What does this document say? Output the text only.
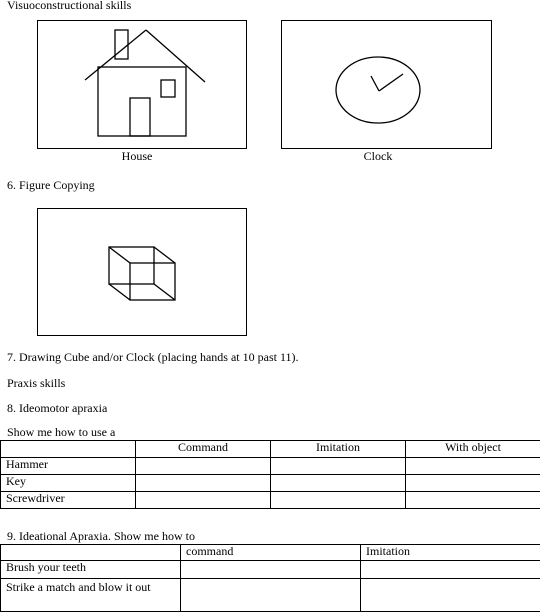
Visuoconstructional skills
House	Clock
6. Figure Copying
7. Drawing Cube and/or Clock (placing hands at 10 past 11).
Praxis skills
8. Ideomotor apraxia
Show me how to use a
	Command	Imitation	With object
Hammer			
Key			
Screwdriver			
9. Ideational Apraxia. Show me how to
	command	Imitation
Brush your teeth		
Strike a match and blow it out		
